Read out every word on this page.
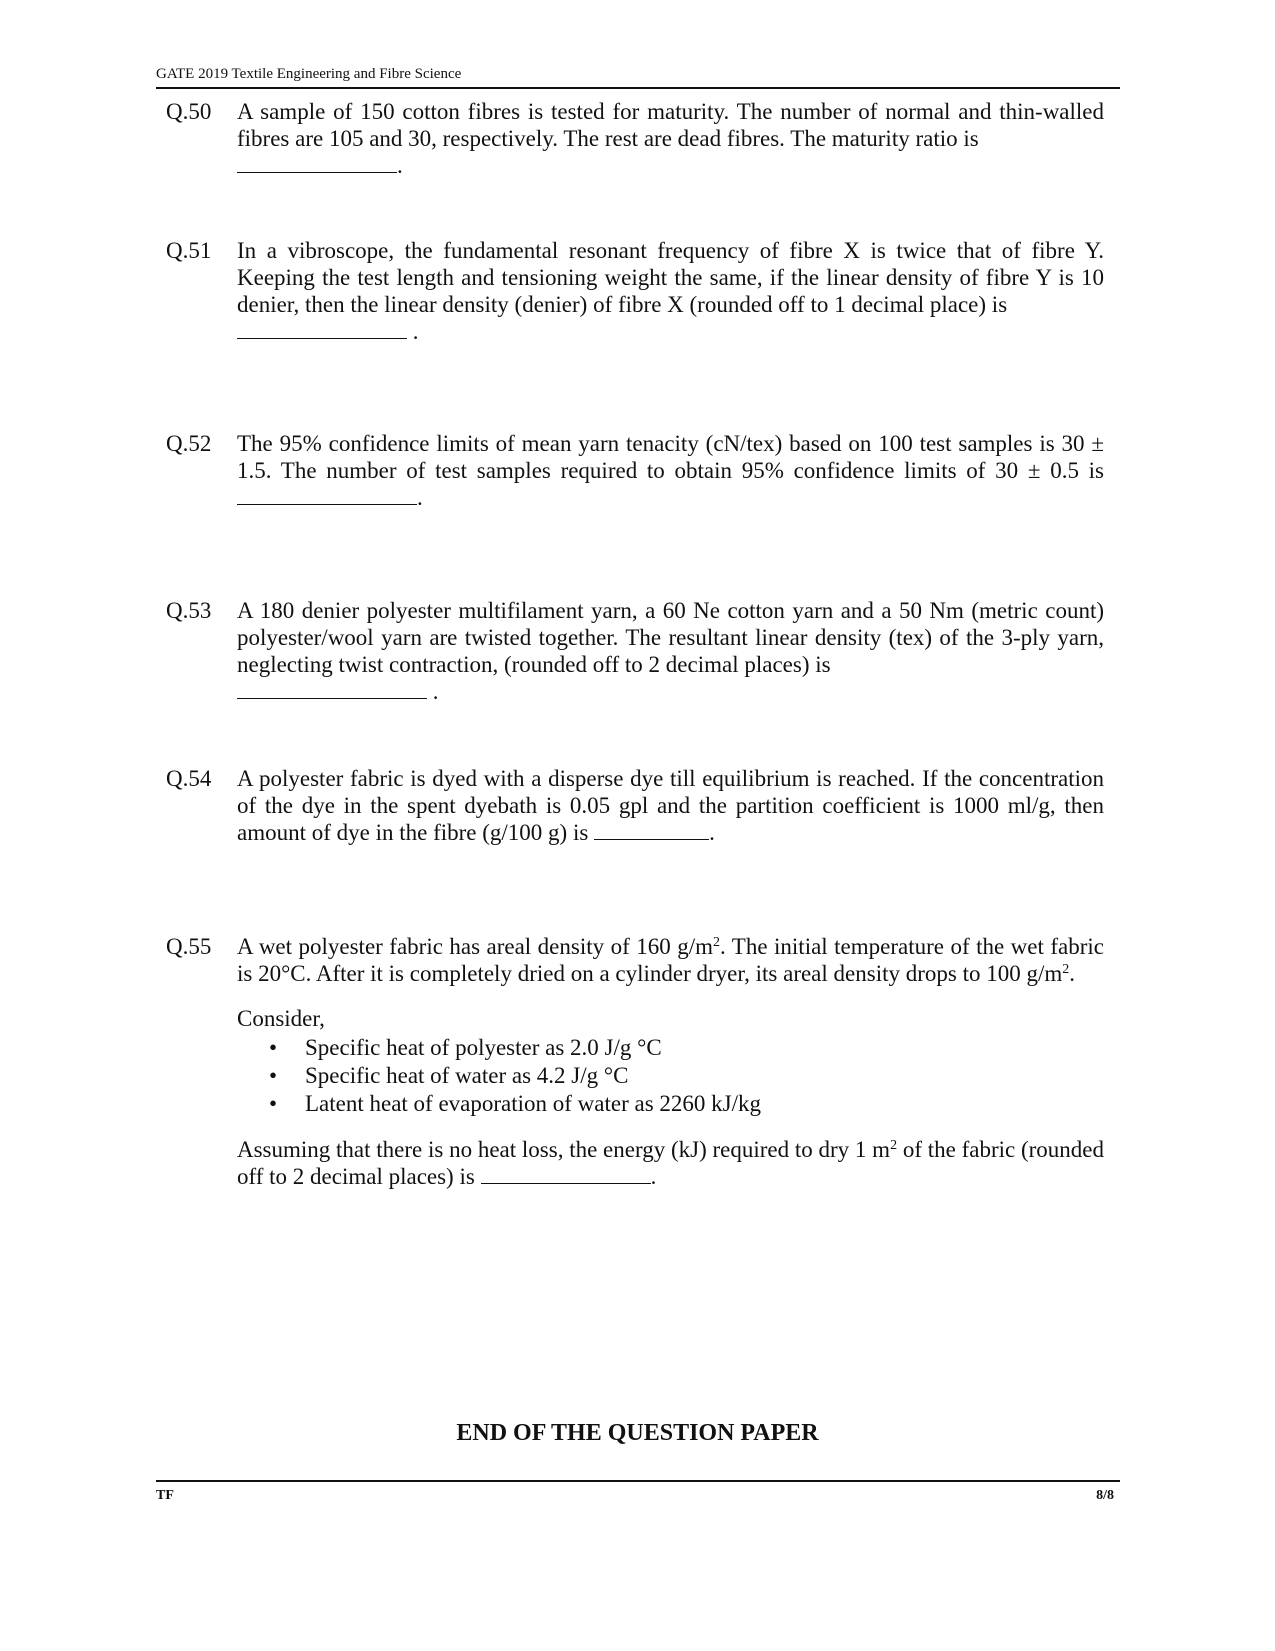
GATE 2019 Textile Engineering and Fibre Science
Q.50 A sample of 150 cotton fibres is tested for maturity. The number of normal and thin-walled fibres are 105 and 30, respectively. The rest are dead fibres. The maturity ratio is
.
Q.51 In a vibroscope, the fundamental resonant frequency of fibre X is twice that of fibre Y. Keeping the test length and tensioning weight the same, if the linear density of fibre Y is 10 denier, then the linear density (denier) of fibre X (rounded off to 1 decimal place) is
.
Q.52 The 95% confidence limits of mean yarn tenacity (cN/tex) based on 100 test samples is 30 ± 1.5. The number of test samples required to obtain 95% confidence limits of 30 ± 0.5 is .
Q.53 A 180 denier polyester multifilament yarn, a 60 Ne cotton yarn and a 50 Nm (metric count) polyester/wool yarn are twisted together. The resultant linear density (tex) of the 3-ply yarn, neglecting twist contraction, (rounded off to 2 decimal places) is
.
Q.54 A polyester fabric is dyed with a disperse dye till equilibrium is reached. If the concentration of the dye in the spent dyebath is 0.05 gpl and the partition coefficient is 1000 ml/g, then amount of dye in the fibre (g/100 g) is	.
Q.55 A wet polyester fabric has areal density of 160 $g/m^2$. The initial temperature of the wet fabric is 20°C. After it is completely dried on a cylinder dryer, its areal density drops to 100 $g/m^2$.
Consider,
• Specific heat of polyester as 2.0 J/g °C
• Specific heat of water as 4.2 J/g °C
• Latent heat of evaporation of water as 2260 kJ/kg
Assuming that there is no heat loss, the energy (kJ) required to dry 1 $m^2$ of the fabric (rounded off to 2 decimal places) is	.
END OF THE QUESTION PAPER
TF	8/8
